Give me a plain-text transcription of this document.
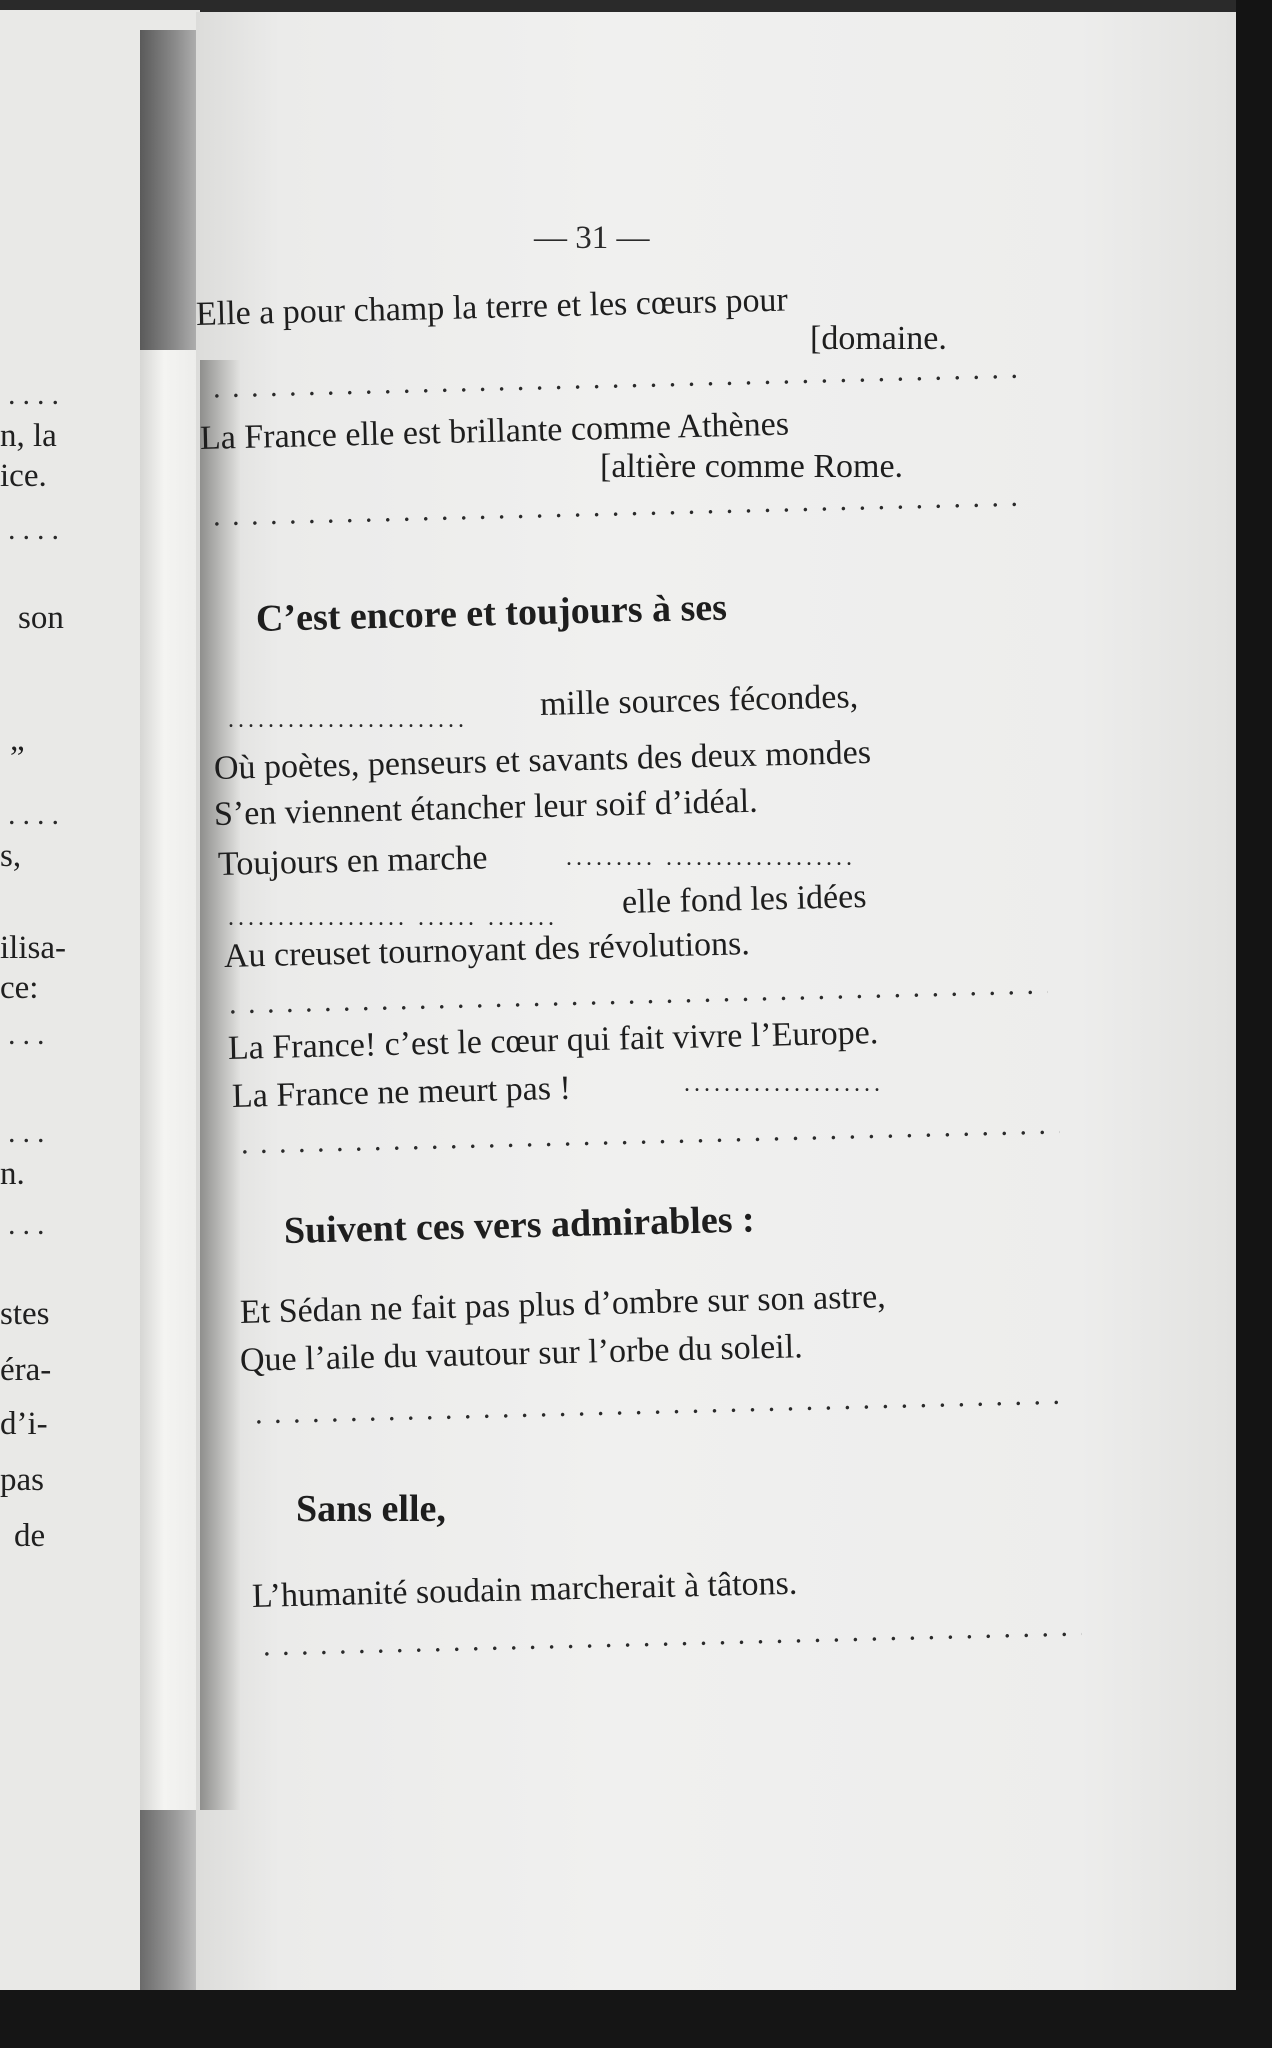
....
n, la
ice.
....
son
”
....
s,
ilisa-
ce:
...
...
n.
...
stes
éra-
d’i-
pas
de
— 31 —
Elle a pour champ la terre et les cœurs pour
[domaine.
·····
La France elle est brillante comme Athènes
[altière comme Rome.
·····
C’est encore et toujours à ses
........................	mille sources fécondes,
Où poètes, penseurs et savants des deux mondes
S’en viennent étancher leur soif d’idéal.
Toujours en marche	......... ...................
.................. ...... .......	elle fond les idées
Au creuset tournoyant des révolutions.
·····
La France! c’est le cœur qui fait vivre l’Europe.
La France ne meurt pas !	....................
·····
Suivent ces vers admirables :
Et Sédan ne fait pas plus d’ombre sur son astre,
Que l’aile du vautour sur l’orbe du soleil.
·····
Sans elle,
L’humanité soudain marcherait à tâtons.
·····
